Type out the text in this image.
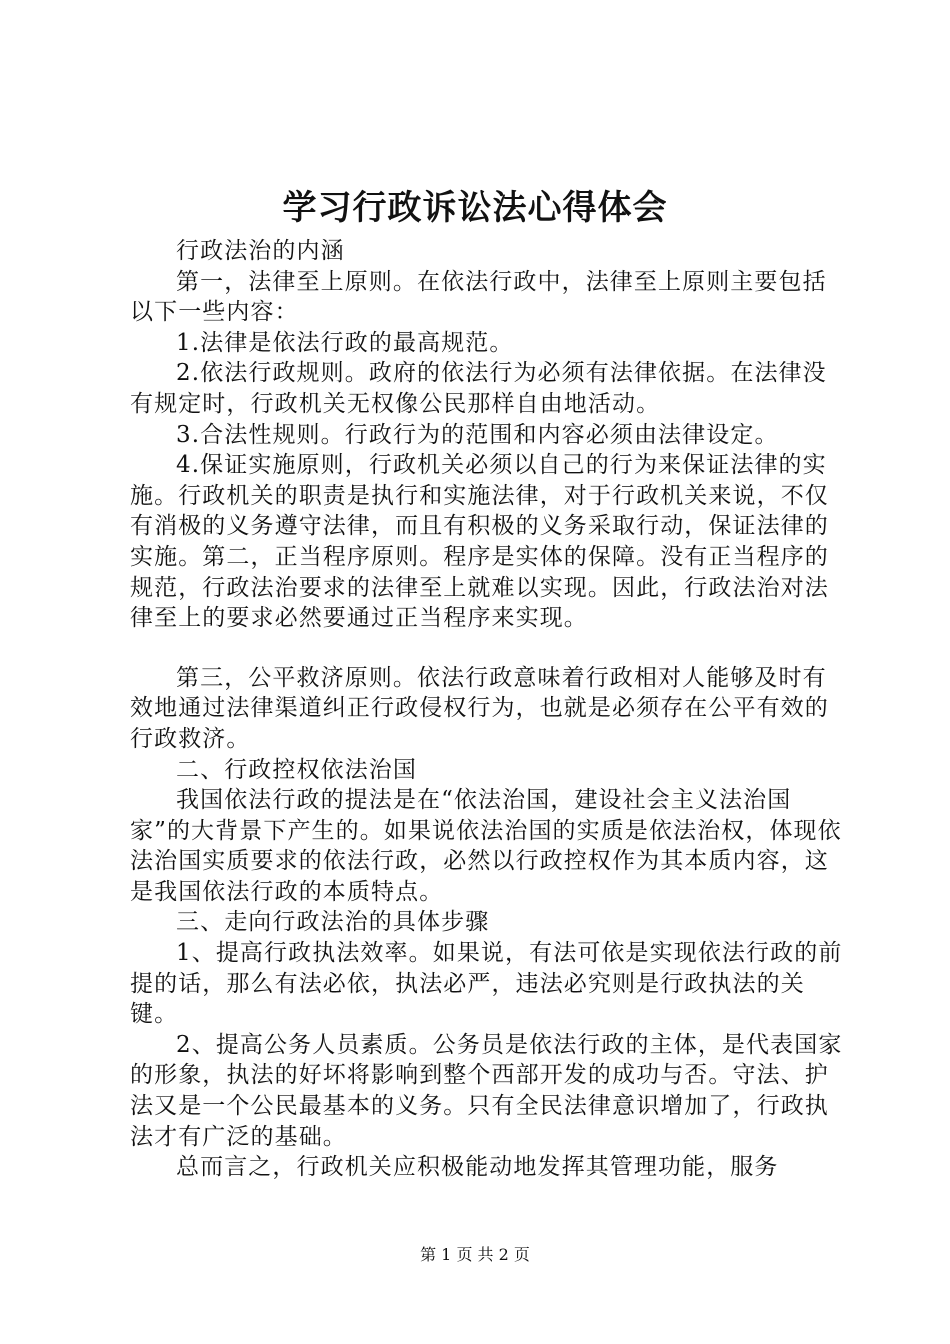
学习行政诉讼法心得体会

行政法治的内涵

第一，法律至上原则。在依法行政中，法律至上原则主要包括以下一些内容：

1.法律是依法行政的最高规范。

2.依法行政规则。政府的依法行为必须有法律依据。在法律没有规定时，行政机关无权像公民那样自由地活动。

3.合法性规则。行政行为的范围和内容必须由法律设定。

4.保证实施原则，行政机关必须以自己的行为来保证法律的实施。行政机关的职责是执行和实施法律，对于行政机关来说，不仅有消极的义务遵守法律，而且有积极的义务采取行动，保证法律的实施。第二，正当程序原则。程序是实体的保障。没有正当程序的规范，行政法治要求的法律至上就难以实现。因此，行政法治对法律至上的要求必然要通过正当程序来实现。

第三，公平救济原则。依法行政意味着行政相对人能够及时有效地通过法律渠道纠正行政侵权行为，也就是必须存在公平有效的行政救济。

二、行政控权依法治国

我国依法行政的提法是在“依法治国，建设社会主义法治国家”的大背景下产生的。如果说依法治国的实质是依法治权，体现依法治国实质要求的依法行政，必然以行政控权作为其本质内容，这是我国依法行政的本质特点。

三、走向行政法治的具体步骤

1、提高行政执法效率。如果说，有法可依是实现依法行政的前提的话，那么有法必依，执法必严，违法必究则是行政执法的关键。

2、提高公务人员素质。公务员是依法行政的主体，是代表国家的形象，执法的好坏将影响到整个西部开发的成功与否。守法、护法又是一个公民最基本的义务。只有全民法律意识增加了，行政执法才有广泛的基础。

总而言之，行政机关应积极能动地发挥其管理功能，服务

第 1 页 共 2 页
